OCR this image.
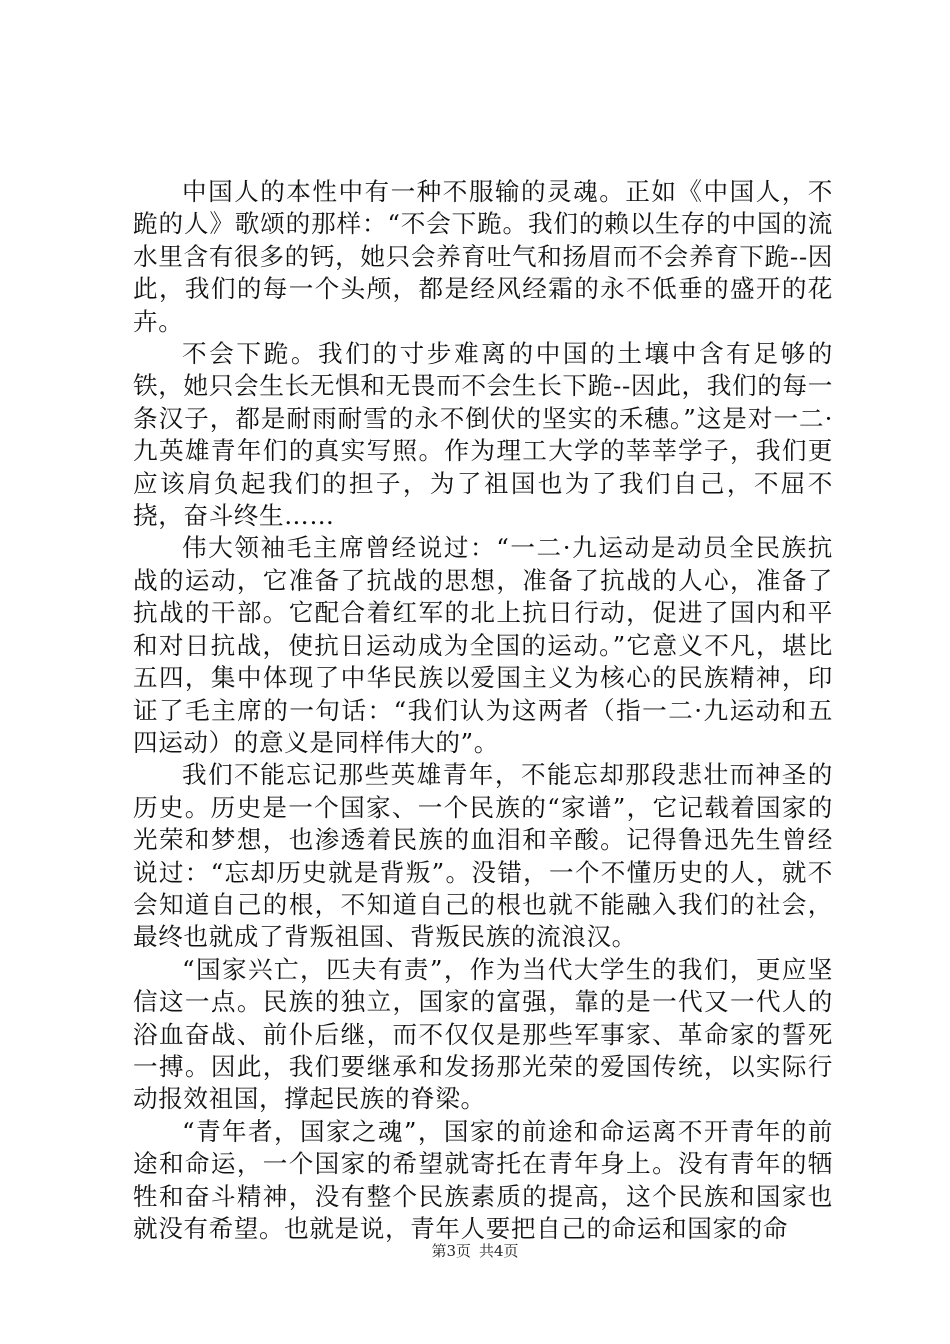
中国人的本性中有一种不服输的灵魂。正如《中国人，不跪的人》歌颂的那样：“不会下跪。我们的赖以生存的中国的流水里含有很多的钙，她只会养育吐气和扬眉而不会养育下跪--因此，我们的每一个头颅，都是经风经霜的永不低垂的盛开的花卉。

不会下跪。我们的寸步难离的中国的土壤中含有足够的铁，她只会生长无惧和无畏而不会生长下跪--因此，我们的每一条汉子，都是耐雨耐雪的永不倒伏的坚实的禾穗。”这是对一二·九英雄青年们的真实写照。作为理工大学的莘莘学子，我们更应该肩负起我们的担子，为了祖国也为了我们自己，不屈不挠，奋斗终生……

伟大领袖毛主席曾经说过：“一二·九运动是动员全民族抗战的运动，它准备了抗战的思想，准备了抗战的人心，准备了抗战的干部。它配合着红军的北上抗日行动，促进了国内和平和对日抗战，使抗日运动成为全国的运动。”它意义不凡，堪比五四，集中体现了中华民族以爱国主义为核心的民族精神，印证了毛主席的一句话：“我们认为这两者（指一二·九运动和五四运动）的意义是同样伟大的”。

我们不能忘记那些英雄青年，不能忘却那段悲壮而神圣的历史。历史是一个国家、一个民族的“家谱”，它记载着国家的光荣和梦想，也渗透着民族的血泪和辛酸。记得鲁迅先生曾经说过：“忘却历史就是背叛”。没错，一个不懂历史的人，就不会知道自己的根，不知道自己的根也就不能融入我们的社会，最终也就成了背叛祖国、背叛民族的流浪汉。

“国家兴亡，匹夫有责”，作为当代大学生的我们，更应坚信这一点。民族的独立，国家的富强，靠的是一代又一代人的浴血奋战、前仆后继，而不仅仅是那些军事家、革命家的誓死一搏。因此，我们要继承和发扬那光荣的爱国传统，以实际行动报效祖国，撑起民族的脊梁。

“青年者，国家之魂”，国家的前途和命运离不开青年的前途和命运，一个国家的希望就寄托在青年身上。没有青年的牺牲和奋斗精神，没有整个民族素质的提高，这个民族和国家也就没有希望。也就是说，青年人要把自己的命运和国家的命

第3页 共4页
